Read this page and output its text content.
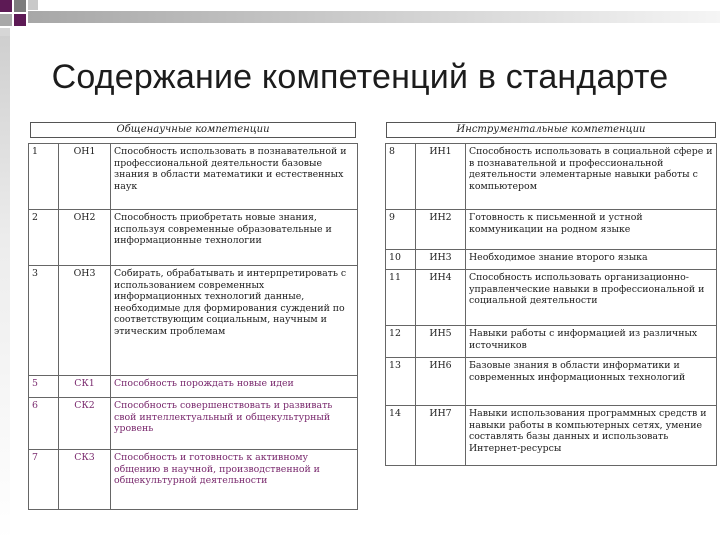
Содержание компетенций в стандарте
Общенаучные компетенции
1	ОН1	Способность использовать в познавательной и профессиональной деятельности базовые знания в области математики и естественных наук
2	ОН2	Способность приобретать новые знания, используя современные образовательные и информационные технологии
3	ОН3	Собирать, обрабатывать и интерпретировать с использованием современных информационных технологий данные, необходимые для формирования суждений по соответствующим социальным, научным и этическим проблемам
5	СК1	Способность порождать новые идеи
6	СК2	Способность совершенствовать и развивать свой интеллектуальный и общекультурный уровень
7	СК3	Способность и готовность к активному общению в научной, производственной и общекультурной деятельности
Инструментальные компетенции
8	ИН1	Способность использовать в социальной сфере и в познавательной и профессиональной деятельности элементарные навыки работы с компьютером
9	ИН2	Готовность к письменной и устной коммуникации на родном языке
10	ИН3	Необходимое знание второго языка
11	ИН4	Способность использовать организационно-управленческие навыки в профессиональной и социальной деятельности
12	ИН5	Навыки работы с информацией из различных источников
13	ИН6	Базовые знания в области информатики и современных информационных технологий
14	ИН7	Навыки использования программных средств и навыки работы в компьютерных сетях, умение составлять базы данных и использовать Интернет-ресурсы
